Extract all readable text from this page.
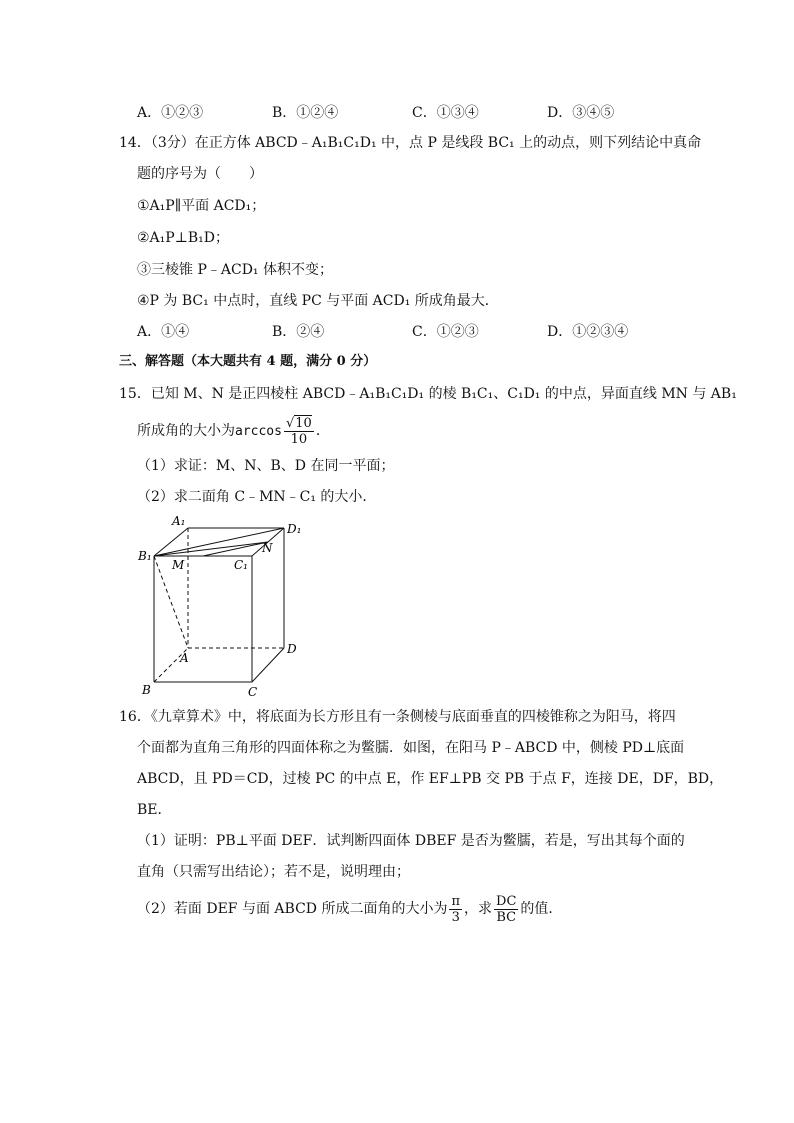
A．①②③	B．①②④	C．①③④	D．③④⑤
14．（3分）在正方体 ABCD﹣A₁B₁C₁D₁ 中，点 P 是线段 BC₁ 上的动点，则下列结论中真命
题的序号为（　　）
①A₁P∥平面 ACD₁；
②A₁P⊥B₁D；
③三棱锥 P﹣ACD₁ 体积不变；
④P 为 BC₁ 中点时，直线 PC 与平面 ACD₁ 所成角最大．
A．①④	B．②④	C．①②③	D．①②③④
三、解答题（本大题共有 4 题，满分 0 分）
15．已知 M、N 是正四棱柱 ABCD﹣A₁B₁C₁D₁ 的棱 B₁C₁、C₁D₁ 的中点，异面直线 MN 与 AB₁
所成角的大小为$\arccos \frac{√10}{10}$ ．
（1）求证：M、N、B、D 在同一平面；
（2）求二面角 C﹣MN﹣C₁ 的大小．
A₁
D₁
B₁
M
N
C₁
A
D
B	C
16．《九章算术》中，将底面为长方形且有一条侧棱与底面垂直的四棱锥称之为阳马，将四
个面都为直角三角形的四面体称之为鳖臑．如图，在阳马 P﹣ABCD 中，侧棱 PD⊥底面
ABCD，且 PD＝CD，过棱 PC 的中点 E，作 EF⊥PB 交 PB 于点 F，连接 DE，DF，BD，
BE．
（1）证明：PB⊥平面 DEF．试判断四面体 DBEF 是否为鳖臑，若是，写出其每个面的
直角（只需写出结论）；若不是，说明理由；
（2）若面 DEF 与面 ABCD 所成二面角的大小为 $\frac{\pi}{3}$ ，求 $\frac{DC}{BC}$ 的值．
